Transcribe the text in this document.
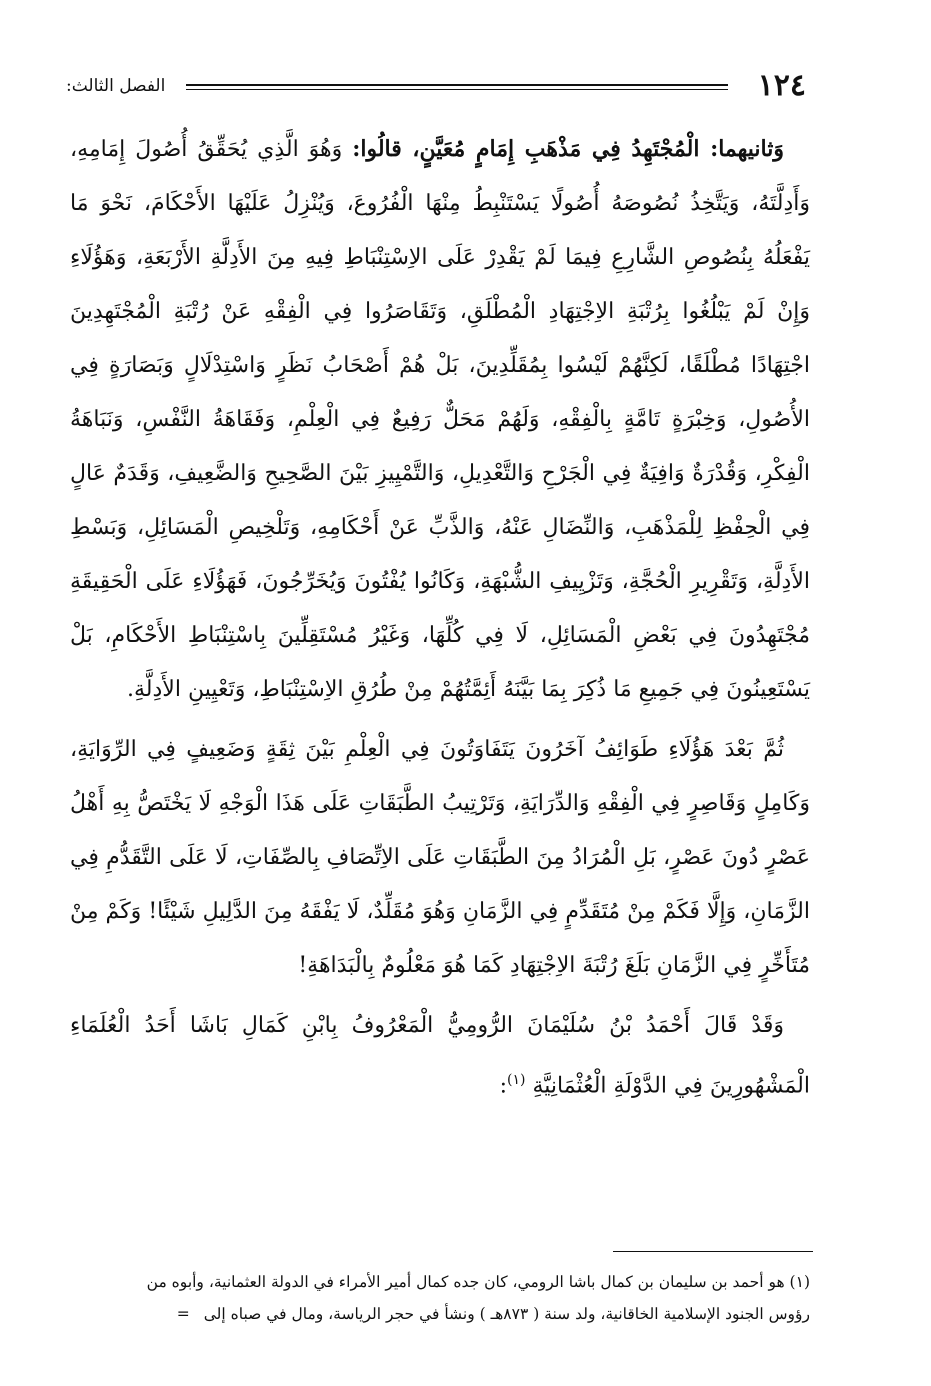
١٢٤
الفصل الثالث:

وَثانيهما: الْمُجْتَهِدُ فِي مَذْهَبِ إِمَامٍ مُعَيَّنٍ، قالُوا: وَهُوَ الَّذِي يُحَقِّقُ أُصُولَ إِمَامِهِ، وَأَدِلَّتَهُ، وَيَتَّخِذُ نُصُوصَهُ أُصُولًا يَسْتَنْبِطُ مِنْهَا الْفُرُوعَ، وَيُنْزِلُ عَلَيْهَا الأَحْكَامَ، نَحْوَ مَا يَفْعَلُهُ بِنُصُوصِ الشَّارِعِ فِيمَا لَمْ يَقْدِرْ عَلَى الاِسْتِنْبَاطِ فِيهِ مِنَ الأَدِلَّةِ الأَرْبَعَةِ، وَهَؤُلَاءِ وَإِنْ لَمْ يَبْلُغُوا بِرُتْبَةِ الاِجْتِهَادِ الْمُطْلَقِ، وَتَقَاصَرُوا فِي الْفِقْهِ عَنْ رُتْبَةِ الْمُجْتَهِدِينَ اجْتِهَادًا مُطْلَقًا، لَكِنَّهُمْ لَيْسُوا بِمُقَلِّدِينَ، بَلْ هُمْ أَصْحَابُ نَظَرٍ وَاسْتِدْلَالٍ وَبَصَارَةٍ فِي الأُصُولِ، وَخِبْرَةٍ تَامَّةٍ بِالْفِقْهِ، وَلَهُمْ مَحَلٌّ رَفِيعٌ فِي الْعِلْمِ، وَفَقَاهَةُ النَّفْسِ، وَنَبَاهَةُ الْفِكْرِ، وَقُدْرَةٌ وَافِيَةٌ فِي الْجَرْحِ وَالتَّعْدِيلِ، وَالتَّمْيِيزِ بَيْنَ الصَّحِيحِ وَالضَّعِيفِ، وَقَدَمٌ عَالٍ فِي الْحِفْظِ لِلْمَذْهَبِ، وَالنِّضَالِ عَنْهُ، وَالذَّبِّ عَنْ أَحْكَامِهِ، وَتَلْخِيصِ الْمَسَائِلِ، وَبَسْطِ الأَدِلَّةِ، وَتَقْرِيرِ الْحُجَّةِ، وَتَزْيِيفِ الشُّبْهَةِ، وَكَانُوا يُفْتُونَ وَيُخَرِّجُونَ، فَهَؤُلَاءِ عَلَى الْحَقِيقَةِ مُجْتَهِدُونَ فِي بَعْضِ الْمَسَائِلِ، لَا فِي كُلِّهَا، وَغَيْرُ مُسْتَقِلِّينَ بِاسْتِنْبَاطِ الأَحْكَامِ، بَلْ يَسْتَعِينُونَ فِي جَمِيعِ مَا ذُكِرَ بِمَا بَيَّنَهُ أَئِمَّتُهُمْ مِنْ طُرُقِ الاِسْتِنْبَاطِ، وَتَعْيِينِ الأَدِلَّةِ.

ثُمَّ بَعْدَ هَؤُلَاءِ طَوَائِفُ آخَرُونَ يَتَفَاوَتُونَ فِي الْعِلْمِ بَيْنَ ثِقَةٍ وَضَعِيفٍ فِي الرِّوَايَةِ، وَكَامِلٍ وَقَاصِرٍ فِي الْفِقْهِ وَالدِّرَايَةِ، وَتَرْتِيبُ الطَّبَقَاتِ عَلَى هَذَا الْوَجْهِ لَا يَخْتَصُّ بِهِ أَهْلُ عَصْرٍ دُونَ عَصْرٍ، بَلِ الْمُرَادُ مِنَ الطَّبَقَاتِ عَلَى الاِتِّصَافِ بِالصِّفَاتِ، لَا عَلَى التَّقَدُّمِ فِي الزَّمَانِ، وَإِلَّا فَكَمْ مِنْ مُتَقَدِّمٍ فِي الزَّمَانِ وَهُوَ مُقَلِّدٌ، لَا يَفْقَهُ مِنَ الدَّلِيلِ شَيْئًا! وَكَمْ مِنْ مُتَأَخِّرٍ فِي الزَّمَانِ بَلَغَ رُتْبَةَ الاِجْتِهَادِ كَمَا هُوَ مَعْلُومٌ بِالْبَدَاهَةِ!

وَقَدْ قَالَ أَحْمَدُ بْنُ سُلَيْمَانَ الرُّومِيُّ الْمَعْرُوفُ بِابْنِ كَمَالِ بَاشَا أَحَدُ الْعُلَمَاءِ الْمَشْهُورِينَ فِي الدَّوْلَةِ الْعُثْمَانِيَّةِ $^{(١)}$:

(١) هو أحمد بن سليمان بن كمال باشا الرومي، كان جده كمال أمير الأمراء في الدولة العثمانية، وأبوه من

رؤوس الجنود الإسلامية الخاقانية، ولد سنة ( ٨٧٣هـ ) ونشأ في حجر الرياسة، ومال في صباه إلى=
